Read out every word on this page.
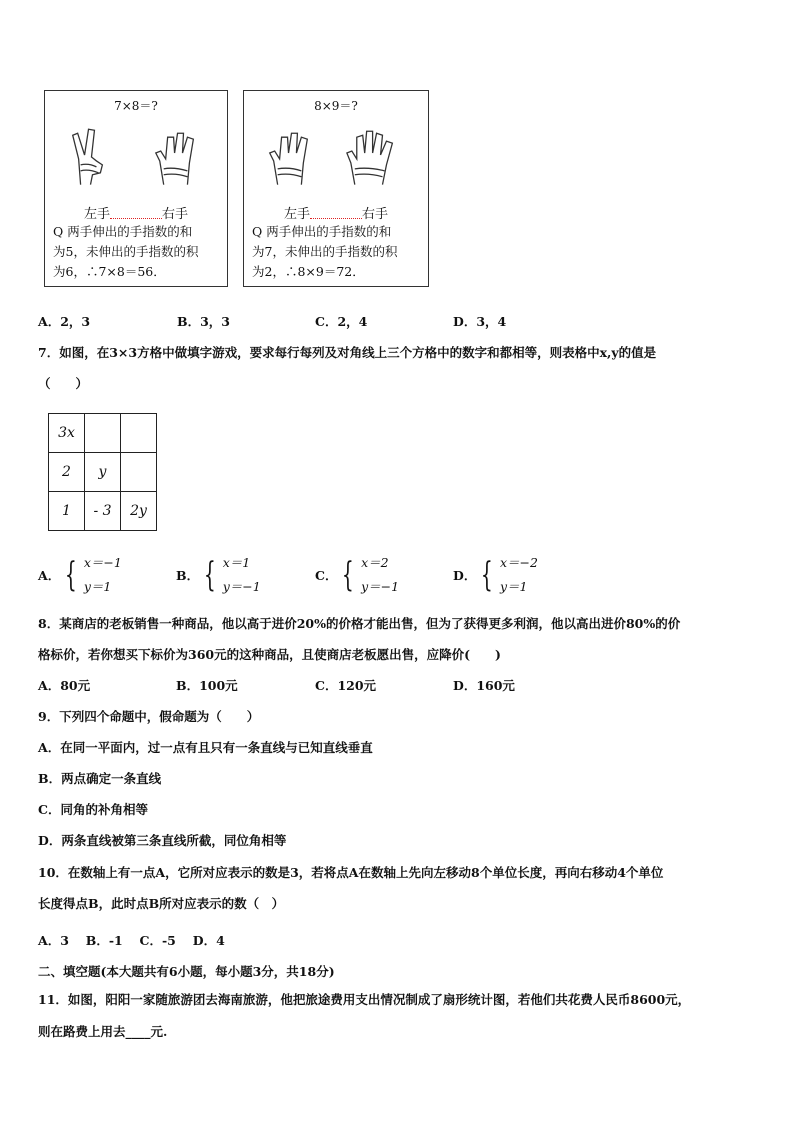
7×8＝?
左手	右手
Q 两手伸出的手指数的和
为5，未伸出的手指数的积
为6，∴7×8＝56．
8×9＝?
左手	右手
Q 两手伸出的手指数的和
为7，未伸出的手指数的积
为2，∴8×9＝72．
A．2，3	B．3，3	C．2，4	D．3，4
7．如图，在3×3方格中做填字游戏，要求每行每列及对角线上三个方格中的数字和都相等，则表格中x,y的值是
（　　）
3x		
2	y	
1	- 3	2y
A． { x＝−1
y＝1
B． { x＝1
y＝−1
C． { x＝2
y＝−1
D． { x＝−2
y＝1
8．某商店的老板销售一种商品，他以高于进价20%的价格才能出售，但为了获得更多利润，他以高出进价80%的价
格标价，若你想买下标价为360元的这种商品，且使商店老板愿出售，应降价(　　)
A．80元	B．100元	C．120元	D．160元
9．下列四个命题中，假命题为（　　）
A．在同一平面内，过一点有且只有一条直线与已知直线垂直
B．两点确定一条直线
C．同角的补角相等
D．两条直线被第三条直线所截，同位角相等
10．在数轴上有一点A，它所对应表示的数是3，若将点A在数轴上先向左移动8个单位长度，再向右移动4个单位
长度得点B，此时点B所对应表示的数（　）
A．3　 B．-1　 C．-5　 D．4
二、填空题(本大题共有6小题，每小题3分，共18分)
11．如图，阳阳一家随旅游团去海南旅游，他把旅途费用支出情况制成了扇形统计图，若他们共花费人民币8600元，
则在路费上用去____元.
